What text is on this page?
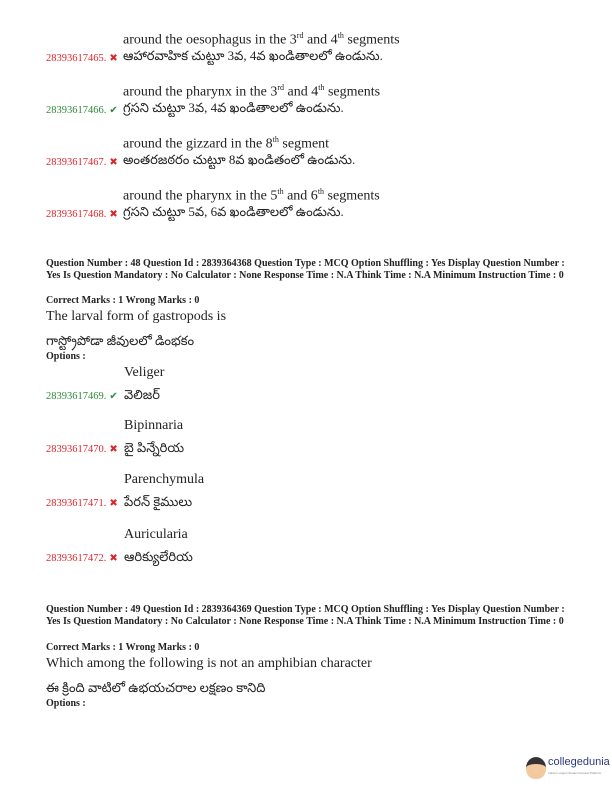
around the oesophagus in the 3rd and 4th segments
28393617465. ✖ ఆహారవాహిక చుట్టూ 3వ, 4వ ఖండితాలలో ఉండును.
around the pharynx in the 3rd and 4th segments
28393617466. ✔ గ్రసని చుట్టూ 3వ, 4వ ఖండితాలలో ఉండును.
around the gizzard in the 8th segment
28393617467. ✖ అంతరజఠరం చుట్టూ 8వ ఖండితంలో ఉండును.
around the pharynx in the 5th and 6th segments
28393617468. ✖ గ్రసని చుట్టూ 5వ, 6వ ఖండితాలలో ఉండును.
Question Number : 48 Question Id : 2839364368 Question Type : MCQ Option Shuffling : Yes Display Question Number : Yes Is Question Mandatory : No Calculator : None Response Time : N.A Think Time : N.A Minimum Instruction Time : 0
Correct Marks : 1 Wrong Marks : 0
The larval form of gastropods is
గాస్ట్రోపోడా జీవులలో డింభకం
Options :
Veliger
28393617469. ✔ వెలిజర్
Bipinnaria
28393617470. ✖ బై పిన్నేరియ
Parenchymula
28393617471. ✖ పేరన్ కైములు
Auricularia
28393617472. ✖ ఆరిక్యులేరియ
Question Number : 49 Question Id : 2839364369 Question Type : MCQ Option Shuffling : Yes Display Question Number : Yes Is Question Mandatory : No Calculator : None Response Time : N.A Think Time : N.A Minimum Instruction Time : 0
Correct Marks : 1 Wrong Marks : 0
Which among the following is not an amphibian character
ఈ క్రింది వాటిలో ఉభయచరాల లక్షణం కానిది
Options :
collegedunia
India's Largest Student Review Platform
